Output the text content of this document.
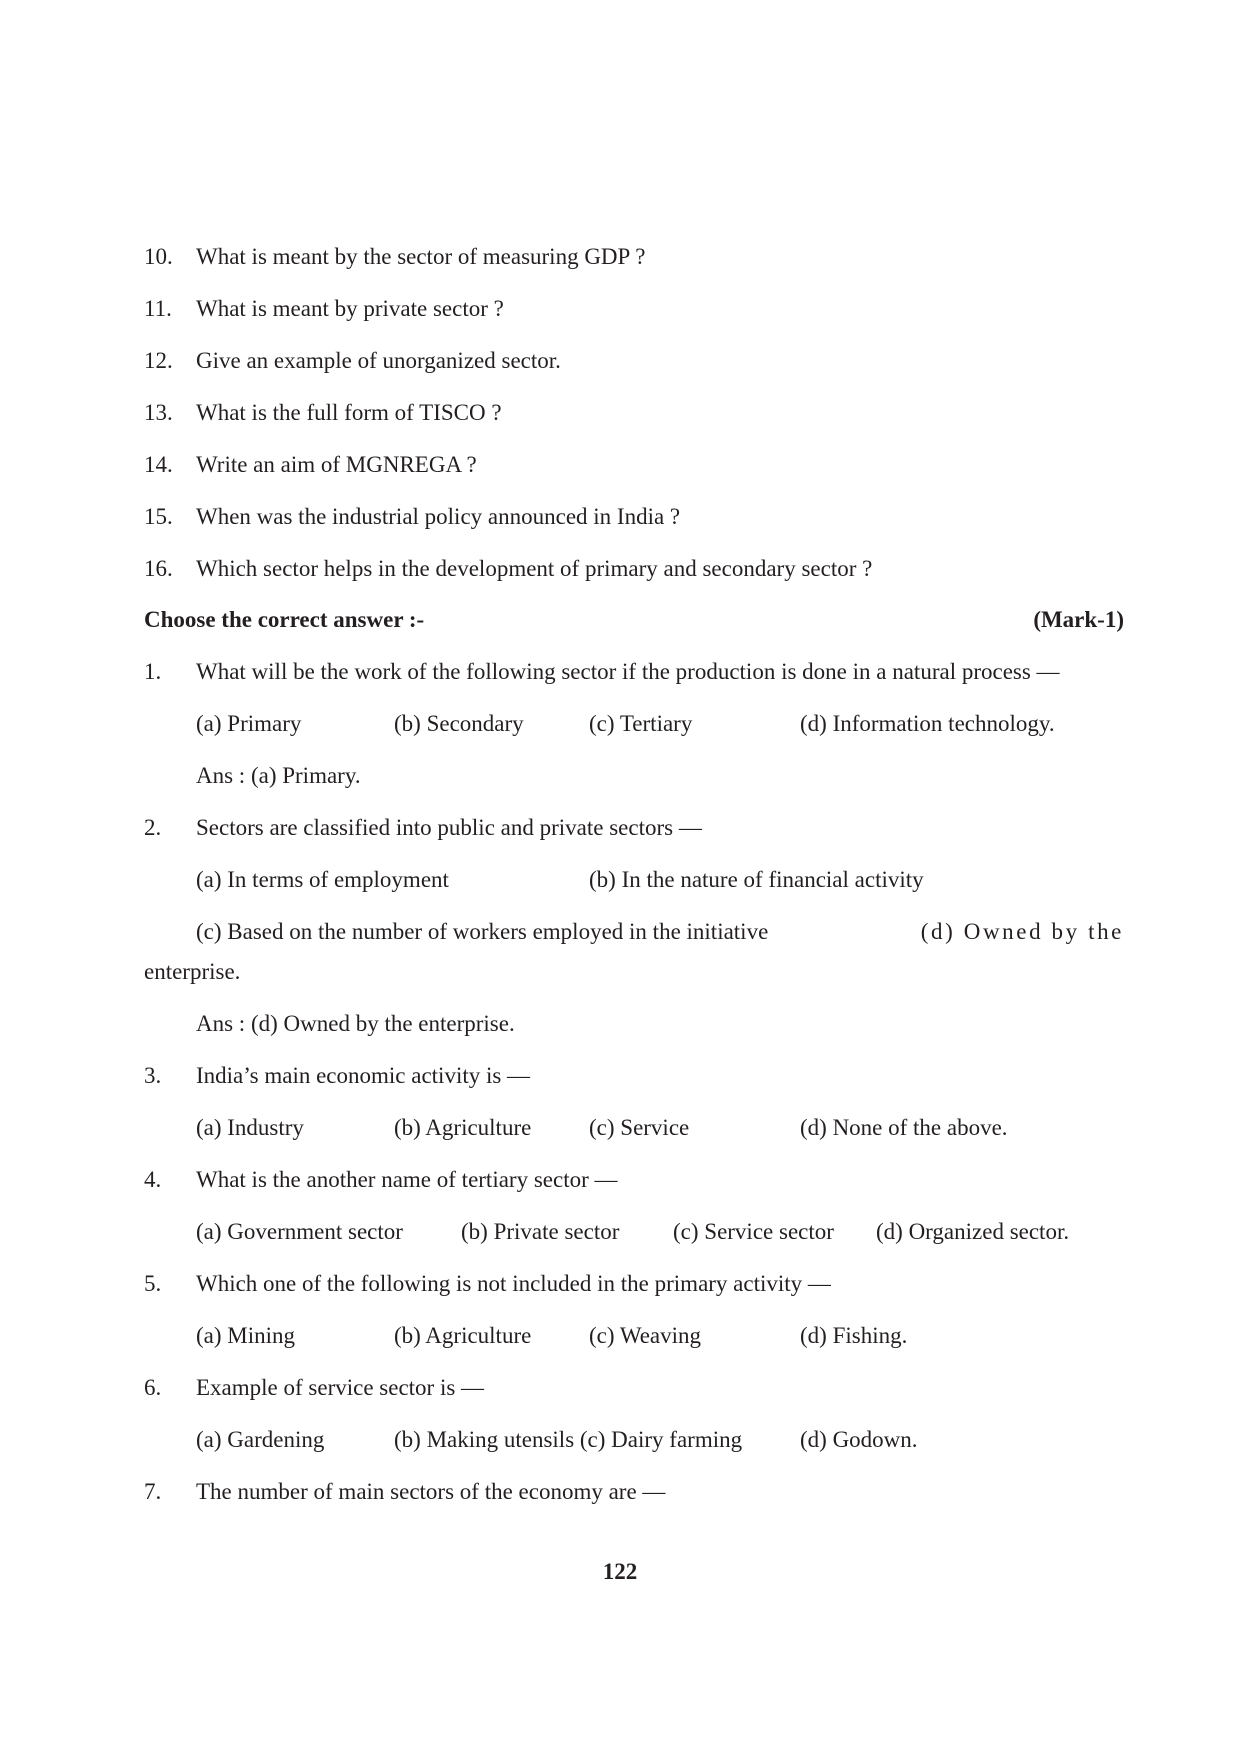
10. What is meant by the sector of measuring GDP ?
11. What is meant by private sector ?
12. Give an example of unorganized sector.
13. What is the full form of TISCO ?
14. Write an aim of MGNREGA ?
15. When was the industrial policy announced in India ?
16. Which sector helps in the development of primary and secondary sector ?
Choose the correct answer :-	(Mark-1)
1. What will be the work of the following sector if the production is done in a natural process —
(a) Primary	(b) Secondary	(c) Tertiary	(d) Information technology.
Ans : (a) Primary.
2. Sectors are classified into public and private sectors —
(a) In terms of employment	(b) In the nature of financial activity
(c) Based on the number of workers employed in the initiative	(d) Owned by the
enterprise.
Ans : (d) Owned by the enterprise.
3. India’s main economic activity is —
(a) Industry	(b) Agriculture	(c) Service	(d) None of the above.
4. What is the another name of tertiary sector —
(a) Government sector	(b) Private sector (c) Service sector (d) Organized sector.
5. Which one of the following is not included in the primary activity —
(a) Mining	(b) Agriculture	(c) Weaving	(d) Fishing.
6. Example of service sector is —
(a) Gardening	(b) Making utensils (c) Dairy farming	(d) Godown.
7. The number of main sectors of the economy are —
122
